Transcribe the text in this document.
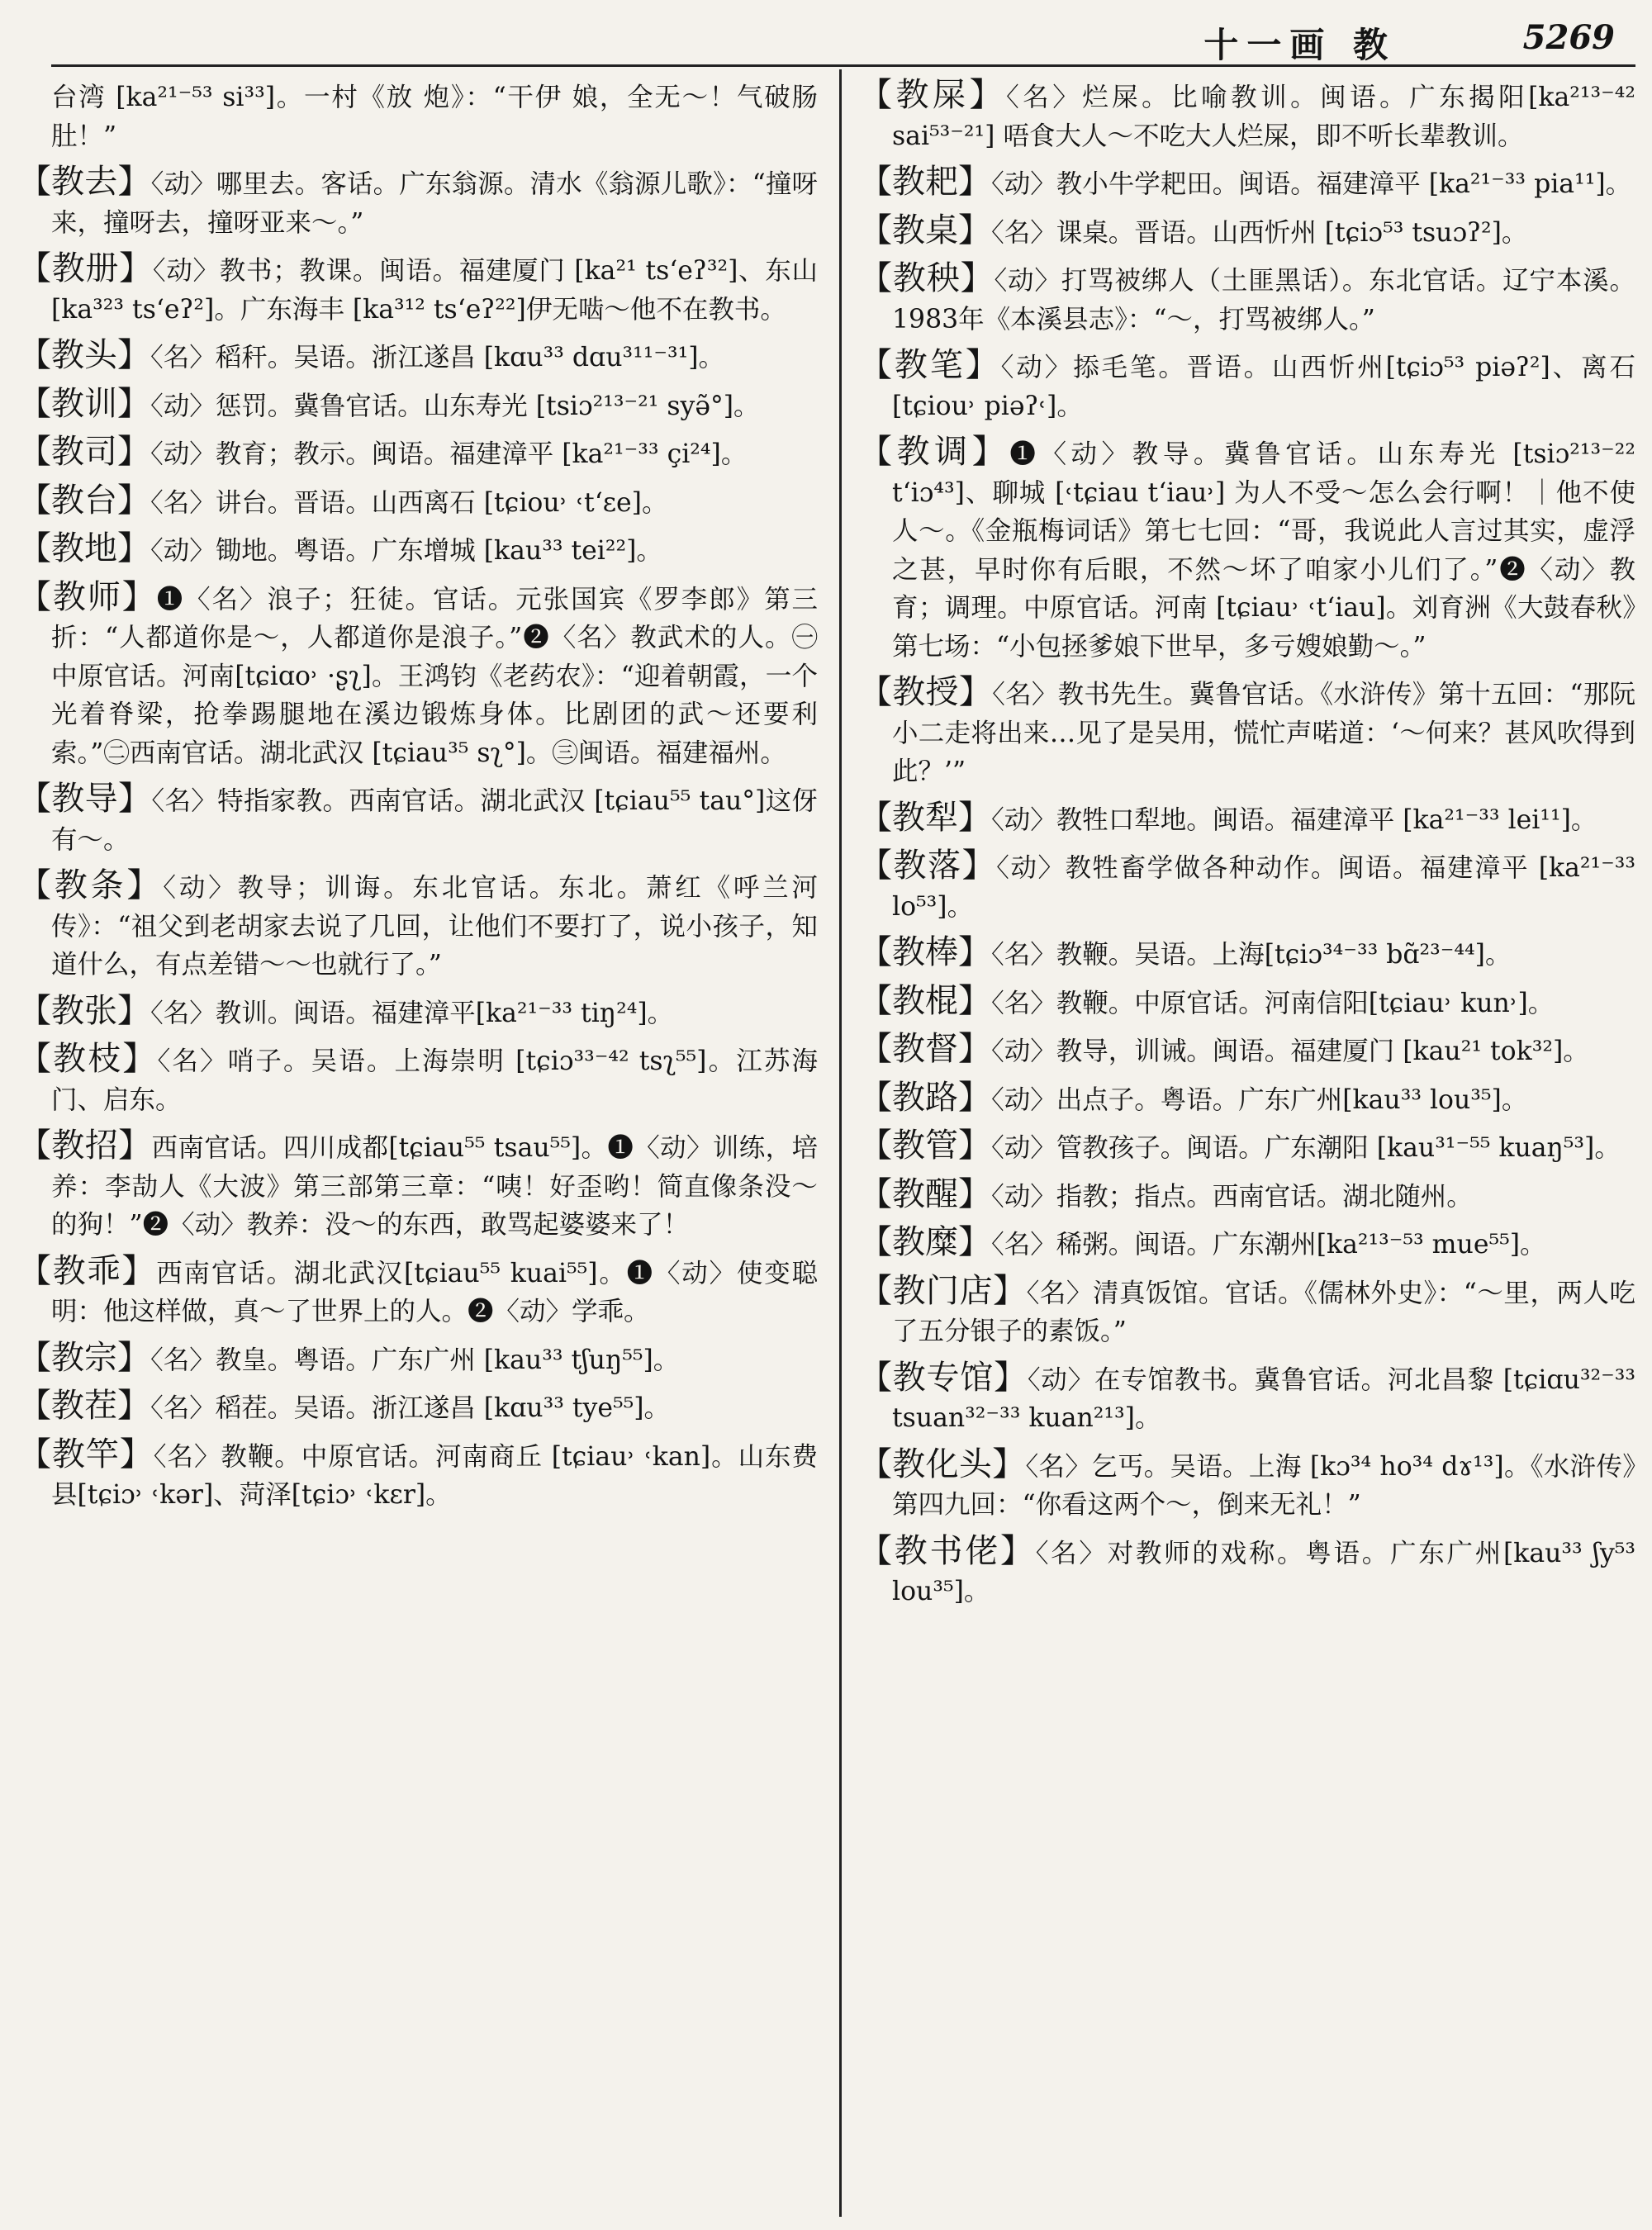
十一画 教	5269

台湾 [ka²¹⁻⁵³ si³³]。一村《放 炮》：“干伊 娘，全无～！气破肠肚！”

【教去】〈动〉哪里去。客话。广东翁源。清水《翁源儿歌》：“撞呀来，撞呀去，撞呀亚来～。”

【教册】〈动〉教书；教课。闽语。福建厦门 [ka²¹ ts‘eʔ³²]、东山 [ka³²³ ts‘eʔ²]。广东海丰 [ka³¹² ts‘eʔ²²]伊无啮～他不在教书。

【教头】〈名〉稻秆。吴语。浙江遂昌 [kɑu³³ dɑu³¹¹⁻³¹]。

【教训】〈动〉惩罚。冀鲁官话。山东寿光 [tsiɔ²¹³⁻²¹ syə̃°]。

【教司】〈动〉教育；教示。闽语。福建漳平 [ka²¹⁻³³ çi²⁴]。

【教台】〈名〉讲台。晋语。山西离石 [tɕiou˒ ˓t‘ɛe]。

【教地】〈动〉锄地。粤语。广东增城 [kau³³ tei²²]。

【教师】❶〈名〉浪子；狂徒。官话。元张国宾《罗李郎》第三折：“人都道你是～，人都道你是浪子。”❷〈名〉教武术的人。㊀中原官话。河南[tɕiɑo˒ ·ʂʅ]。王鸿钧《老药农》：“迎着朝霞，一个光着脊梁，抢拳踢腿地在溪边锻炼身体。比剧团的武～还要利索。”㊁西南官话。湖北武汉 [tɕiau³⁵ sʅ°]。㊂闽语。福建福州。

【教导】〈名〉特指家教。西南官话。湖北武汉 [tɕiau⁵⁵ tau°]这伢有～。

【教条】〈动〉教导；训诲。东北官话。东北。萧红《呼兰河传》：“祖父到老胡家去说了几回，让他们不要打了，说小孩子，知道什么，有点差错～～也就行了。”

【教张】〈名〉教训。闽语。福建漳平[ka²¹⁻³³ tiŋ²⁴]。

【教枝】〈名〉哨子。吴语。上海崇明 [tɕiɔ³³⁻⁴² tsʅ⁵⁵]。江苏海门、启东。

【教招】西南官话。四川成都[tɕiau⁵⁵ tsau⁵⁵]。❶〈动〉训练，培养：李劼人《大波》第三部第三章：“咦！好歪哟！简直像条没～的狗！”❷〈动〉教养：没～的东西，敢骂起婆婆来了！

【教乖】西南官话。湖北武汉[tɕiau⁵⁵ kuai⁵⁵]。❶〈动〉使变聪明：他这样做，真～了世界上的人。❷〈动〉学乖。

【教宗】〈名〉教皇。粤语。广东广州 [kau³³ tʃuŋ⁵⁵]。

【教茬】〈名〉稻茬。吴语。浙江遂昌 [kɑu³³ tye⁵⁵]。

【教竿】〈名〉教鞭。中原官话。河南商丘 [tɕiau˒ ˓kan]。山东费县[tɕiɔ˒ ˓kər]、菏泽[tɕiɔ˒ ˓kɛr]。

【教屎】〈名〉烂屎。比喻教训。闽语。广东揭阳[ka²¹³⁻⁴² sai⁵³⁻²¹] 唔食大人～不吃大人烂屎，即不听长辈教训。

【教耙】〈动〉教小牛学耙田。闽语。福建漳平 [ka²¹⁻³³ pia¹¹]。

【教桌】〈名〉课桌。晋语。山西忻州 [tɕiɔ⁵³ tsuɔʔ²]。

【教秧】〈动〉打骂被绑人（土匪黑话）。东北官话。辽宁本溪。1983年《本溪县志》：“～，打骂被绑人。”

【教笔】〈动〉掭毛笔。晋语。山西忻州[tɕiɔ⁵³ piəʔ²]、离石 [tɕiou˒ piəʔ˓]。

【教调】❶〈动〉教导。冀鲁官话。山东寿光 [tsiɔ²¹³⁻²² t‘iɔ⁴³]、聊城 [˓tɕiau t‘iau˒] 为人不受～怎么会行啊！｜他不使人～。《金瓶梅词话》第七七回：“哥，我说此人言过其实，虚浮之甚，早时你有后眼，不然～坏了咱家小儿们了。”❷〈动〉教育；调理。中原官话。河南 [tɕiau˒ ˓t‘iau]。刘育洲《大鼓春秋》第七场：“小包拯爹娘下世早，多亏嫂娘勤～。”

【教授】〈名〉教书先生。冀鲁官话。《水浒传》第十五回：“那阮小二走将出来…见了是吴用，慌忙声喏道：‘～何来？甚风吹得到此？’”

【教犁】〈动〉教牲口犁地。闽语。福建漳平 [ka²¹⁻³³ lei¹¹]。

【教落】〈动〉教牲畜学做各种动作。闽语。福建漳平 [ka²¹⁻³³ lo⁵³]。

【教棒】〈名〉教鞭。吴语。上海[tɕiɔ³⁴⁻³³ bɑ̃²³⁻⁴⁴]。

【教棍】〈名〉教鞭。中原官话。河南信阳[tɕiau˒ kun˒]。

【教督】〈动〉教导，训诫。闽语。福建厦门 [kau²¹ tok³²]。

【教路】〈动〉出点子。粤语。广东广州[kau³³ lou³⁵]。

【教管】〈动〉管教孩子。闽语。广东潮阳 [kau³¹⁻⁵⁵ kuaŋ⁵³]。

【教醒】〈动〉指教；指点。西南官话。湖北随州。

【教糜】〈名〉稀粥。闽语。广东潮州[ka²¹³⁻⁵³ mue⁵⁵]。

【教门店】〈名〉清真饭馆。官话。《儒林外史》：“～里，两人吃了五分银子的素饭。”

【教专馆】〈动〉在专馆教书。冀鲁官话。河北昌黎 [tɕiɑu³²⁻³³ tsuan³²⁻³³ kuan²¹³]。

【教化头】〈名〉乞丐。吴语。上海 [kɔ³⁴ ho³⁴ dɤ¹³]。《水浒传》第四九回：“你看这两个～，倒来无礼！”

【教书佬】〈名〉对教师的戏称。粤语。广东广州[kau³³ ʃy⁵³ lou³⁵]。
